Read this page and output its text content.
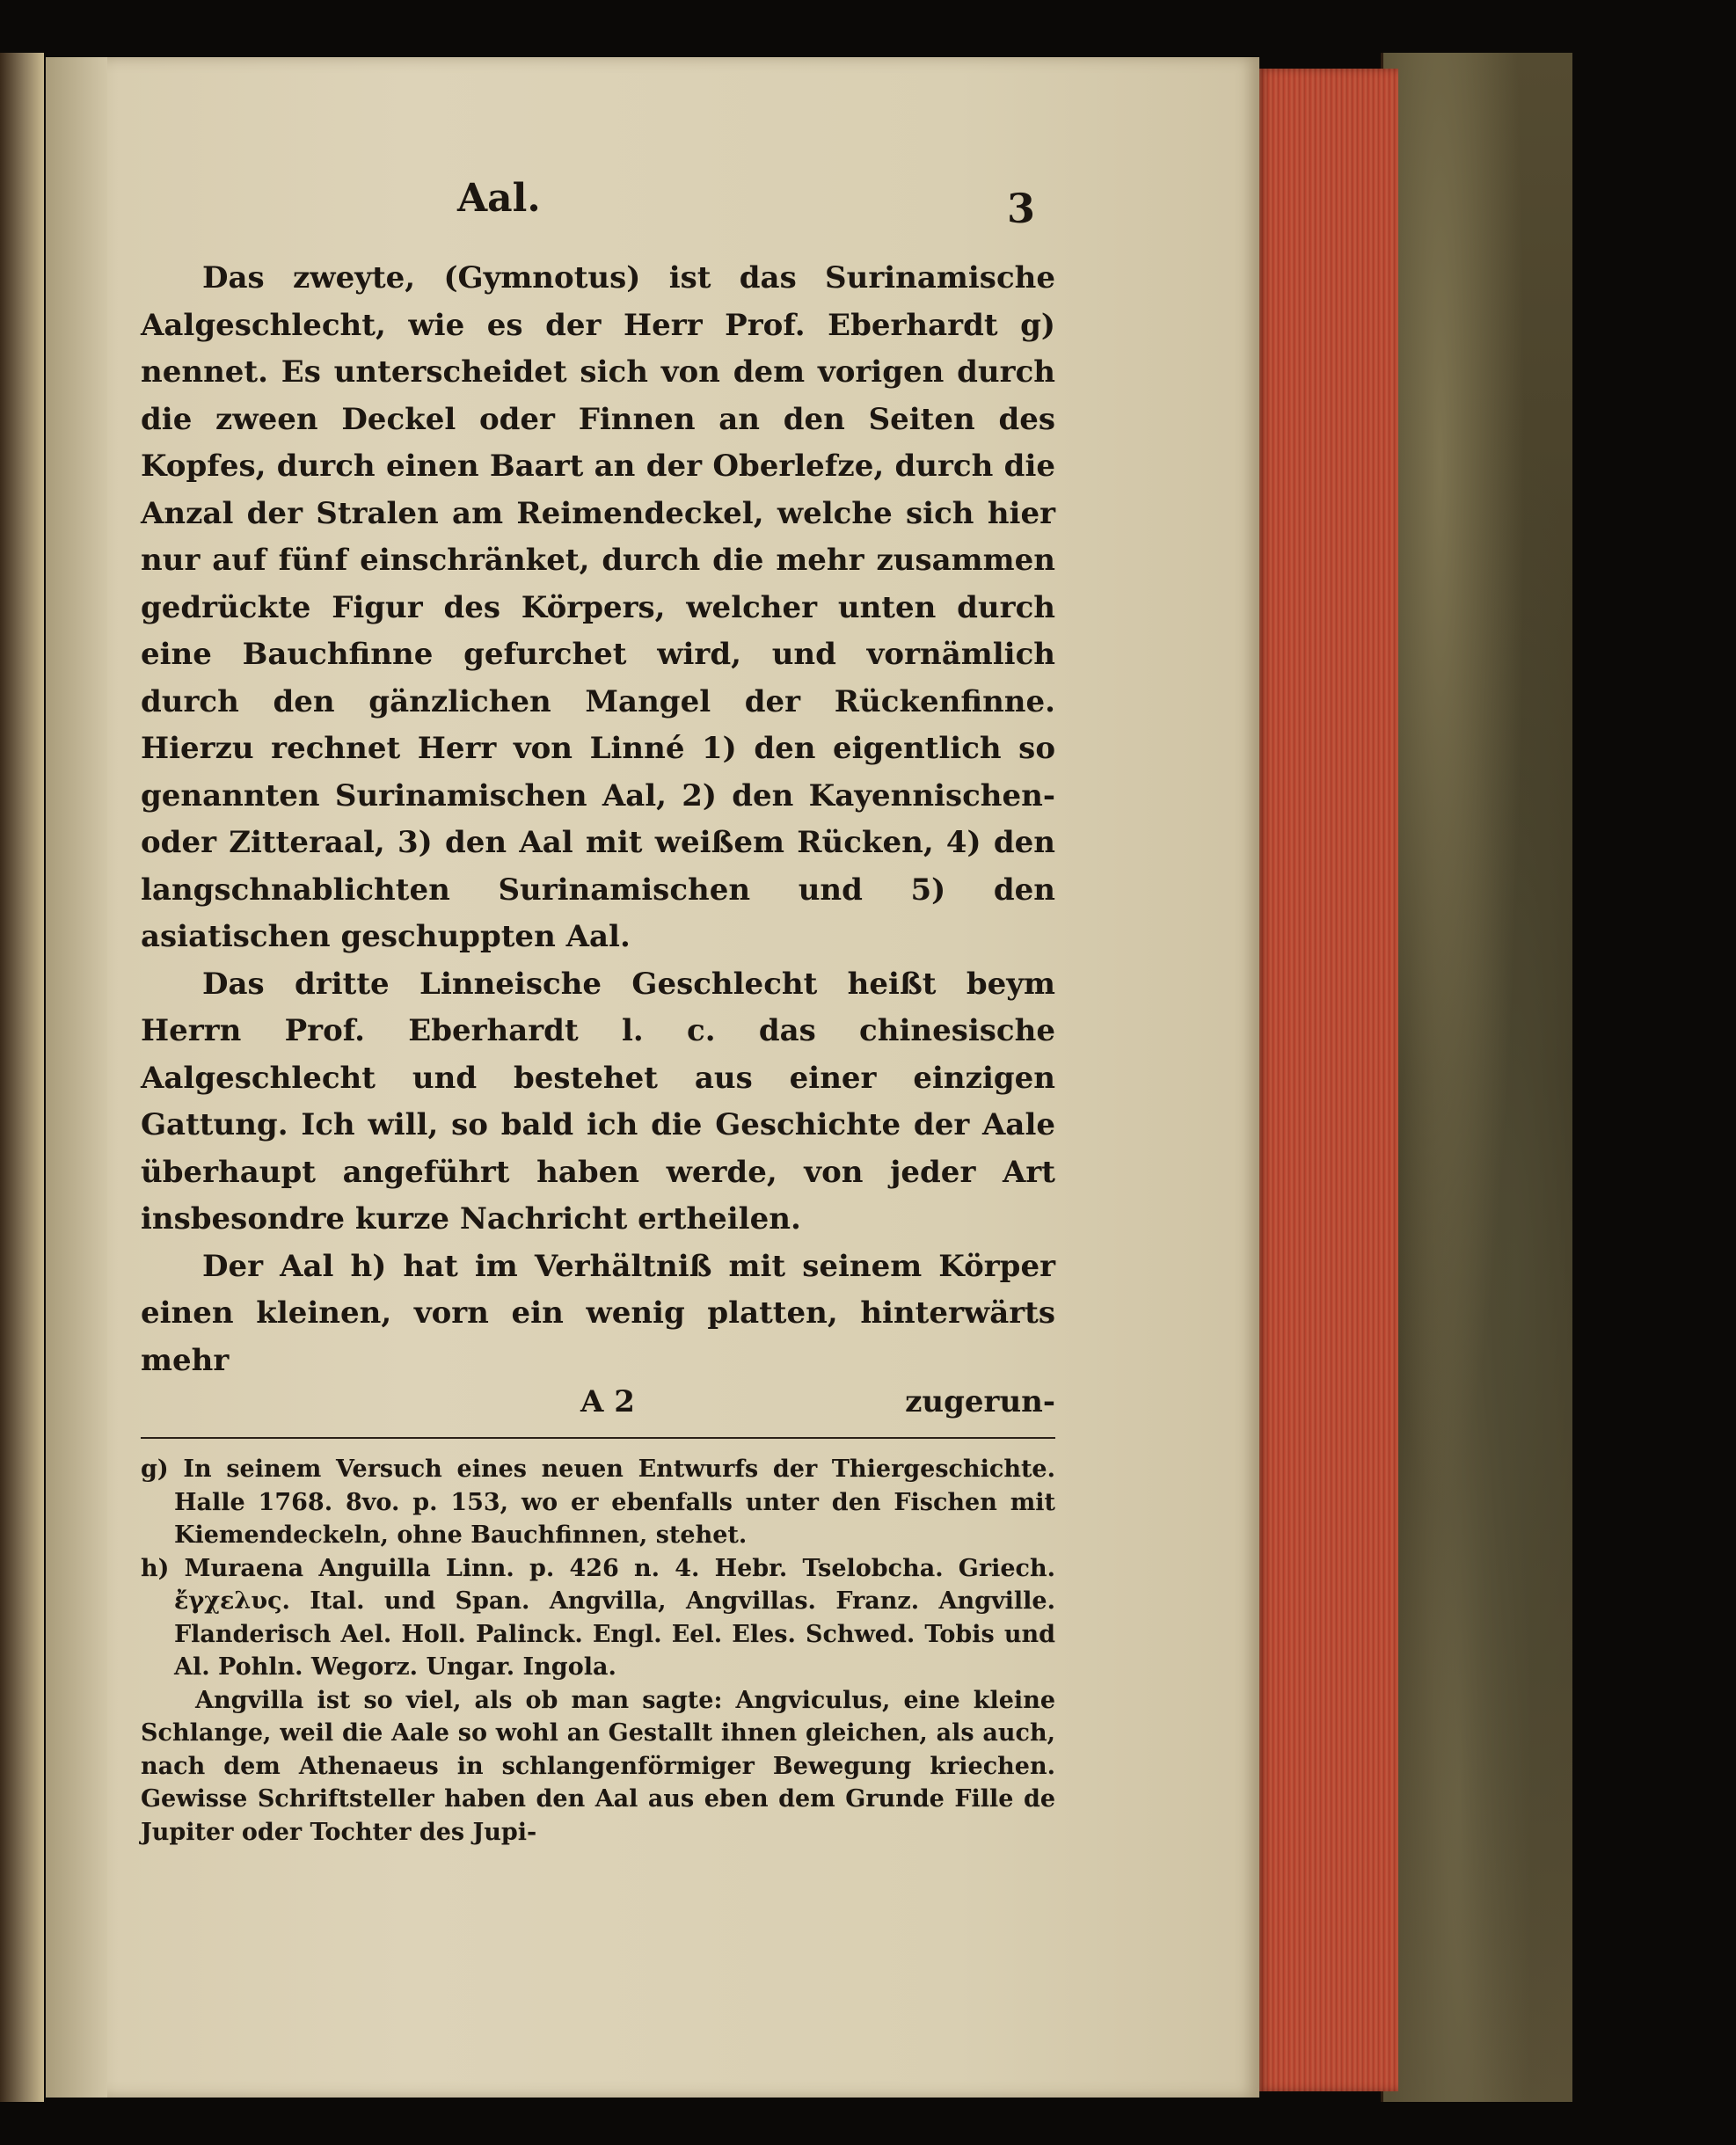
Aal.	3

Das zweyte, (Gymnotus) ist das Surinamische Aalgeschlecht, wie es der Herr Prof. Eberhardt g) nennet. Es unterscheidet sich von dem vorigen durch die zween Deckel oder Finnen an den Seiten des Kopfes, durch einen Baart an der Oberlefze, durch die Anzal der Stralen am Reimendeckel, welche sich hier nur auf fünf einschränket, durch die mehr zusammen gedrückte Figur des Körpers, welcher unten durch eine Bauchfinne gefurchet wird, und vornämlich durch den gänzlichen Mangel der Rückenfinne. Hierzu rechnet Herr von Linné 1) den eigentlich so genannten Surinamischen Aal, 2) den Kayennischen- oder Zitteraal, 3) den Aal mit weißem Rücken, 4) den langschnablichten Surinamischen und 5) den asiatischen geschuppten Aal.

Das dritte Linneische Geschlecht heißt beym Herrn Prof. Eberhardt l. c. das chinesische Aalgeschlecht und bestehet aus einer einzigen Gattung. Ich will, so bald ich die Geschichte der Aale überhaupt angeführt haben werde, von jeder Art insbesondre kurze Nachricht ertheilen.

Der Aal h) hat im Verhältniß mit seinem Körper einen kleinen, vorn ein wenig platten, hinterwärts mehr

A 2	zugerun-

g) In seinem Versuch eines neuen Entwurfs der Thiergeschichte. Halle 1768. 8vo. p. 153, wo er ebenfalls unter den Fischen mit Kiemendeckeln, ohne Bauchfinnen, stehet.

h) Muraena Anguilla Linn. p. 426 n. 4. Hebr. Tselobcha. Griech. ἔγχελυς. Ital. und Span. Angvilla, Angvillas. Franz. Angville. Flanderisch Ael. Holl. Palinck. Engl. Eel. Eles. Schwed. Tobis und Al. Pohln. Wegorz. Ungar. Ingola.

Angvilla ist so viel, als ob man sagte: Angviculus, eine kleine Schlange, weil die Aale so wohl an Gestallt ihnen gleichen, als auch, nach dem Athenaeus in schlangenförmiger Bewegung kriechen. Gewisse Schriftsteller haben den Aal aus eben dem Grunde Fille de Jupiter oder Tochter des Jupi-
